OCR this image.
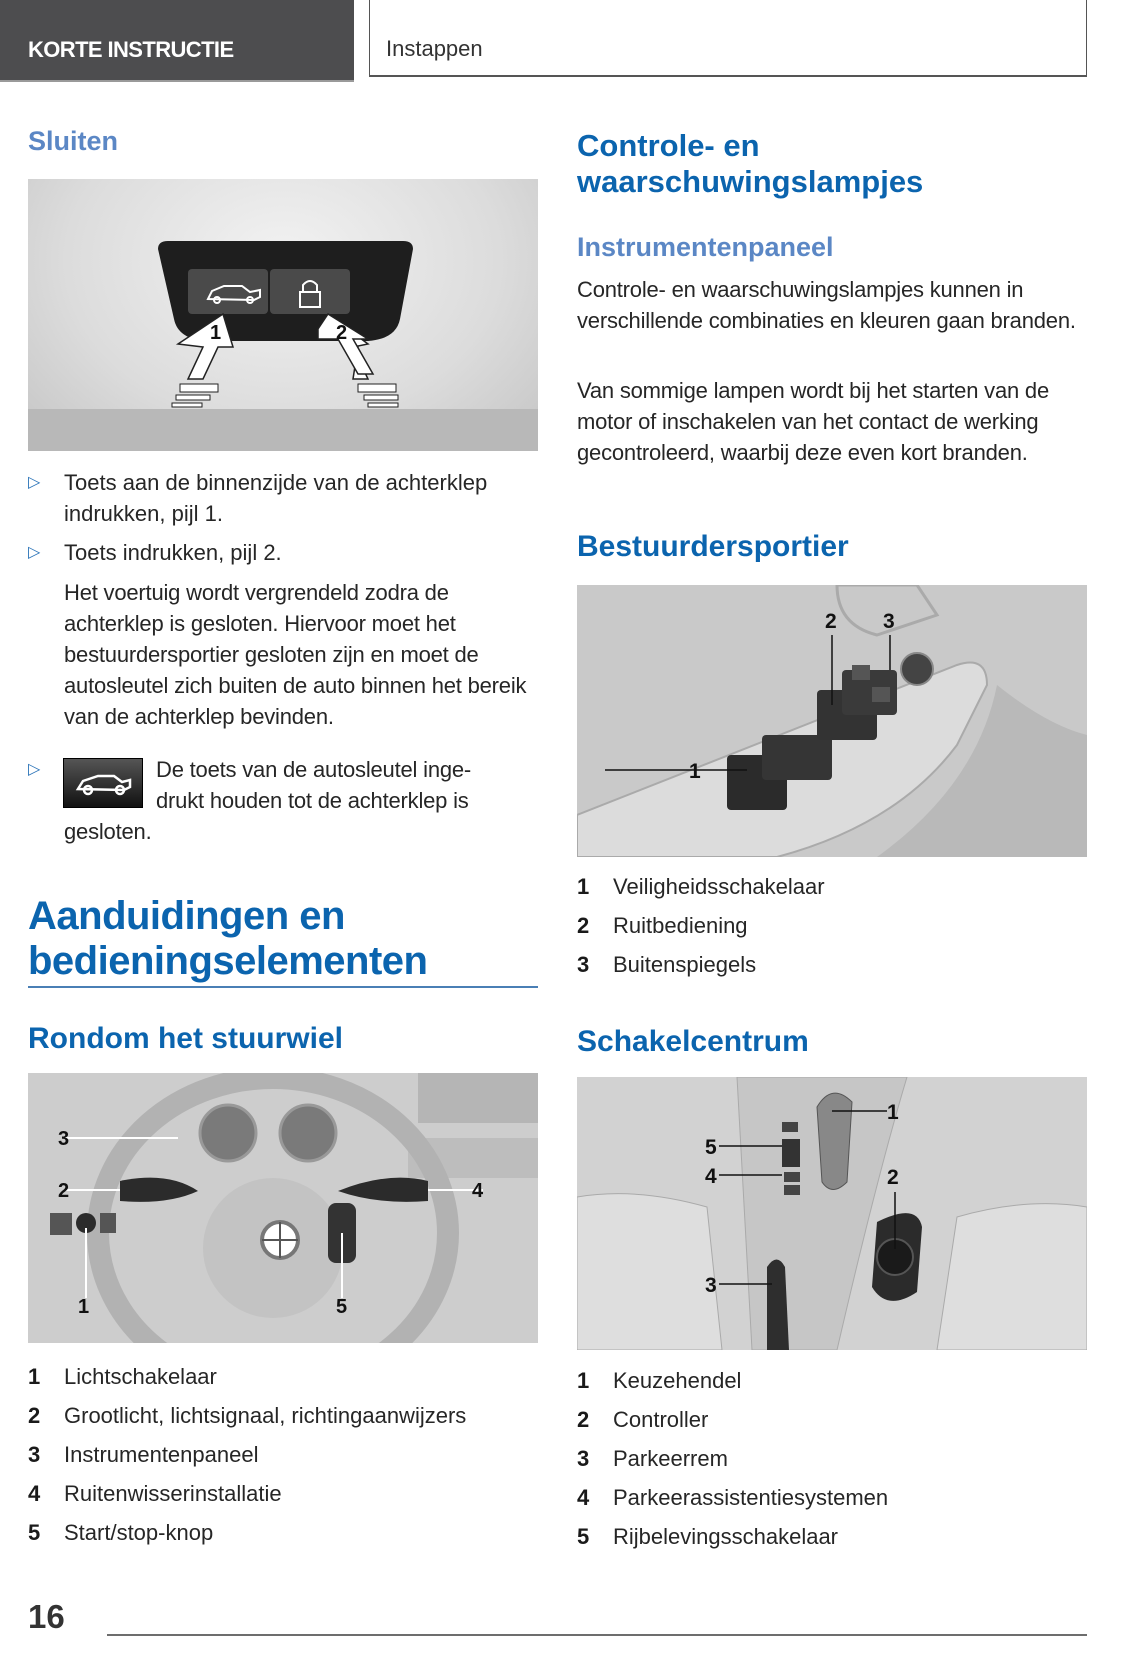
KORTE INSTRUCTIE	Instappen
Sluiten
1	2
▷ Toets aan de binnenzijde van de achterklep indrukken, pijl 1.
▷ Toets indrukken, pijl 2.
Het voertuig wordt vergrendeld zodra de achterklep is gesloten. Hiervoor moet het bestuurdersportier gesloten zijn en moet de autosleutel zich buiten de auto binnen het bereik van de achterklep bevinden.
▷	De toets van de autosleutel inge-
drukt houden tot de achterklep is
gesloten.
Aanduidingen en
bedieningselementen
Rondom het stuurwiel
3
2
1
4
5
1 Lichtschakelaar
2 Grootlicht, lichtsignaal, richtingaanwijzers
3 Instrumentenpaneel
4 Ruitenwisserinstallatie
5 Start/stop-knop
Controle- en
waarschuwingslampjes
Instrumentenpaneel
Controle- en waarschuwingslampjes kunnen in verschillende combinaties en kleuren gaan branden.
Van sommige lampen wordt bij het starten van de motor of inschakelen van het contact de werking gecontroleerd, waarbij deze even kort branden.
Bestuurdersportier
1
2 3
1 Veiligheidsschakelaar
2 Ruitbediening
3 Buitenspiegels
Schakelcentrum
1
2
3
4
5
1 Keuzehendel
2 Controller
3 Parkeerrem
4 Parkeerassistentiesystemen
5 Rijbelevingsschakelaar
16
